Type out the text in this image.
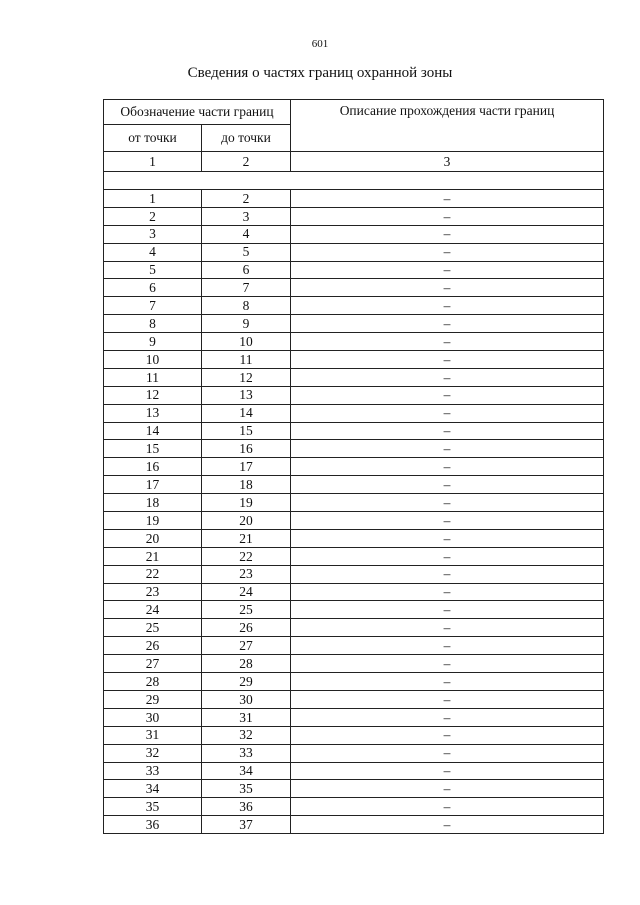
601
Сведения о частях границ охранной зоны
Обозначение части границ		Описание прохождения части границ
от точки	до точки	
1	2	3

1	2	–
2	3	–
3	4	–
4	5	–
5	6	–
6	7	–
7	8	–
8	9	–
9	10	–
10	11	–
11	12	–
12	13	–
13	14	–
14	15	–
15	16	–
16	17	–
17	18	–
18	19	–
19	20	–
20	21	–
21	22	–
22	23	–
23	24	–
24	25	–
25	26	–
26	27	–
27	28	–
28	29	–
29	30	–
30	31	–
31	32	–
32	33	–
33	34	–
34	35	–
35	36	–
36	37	–
